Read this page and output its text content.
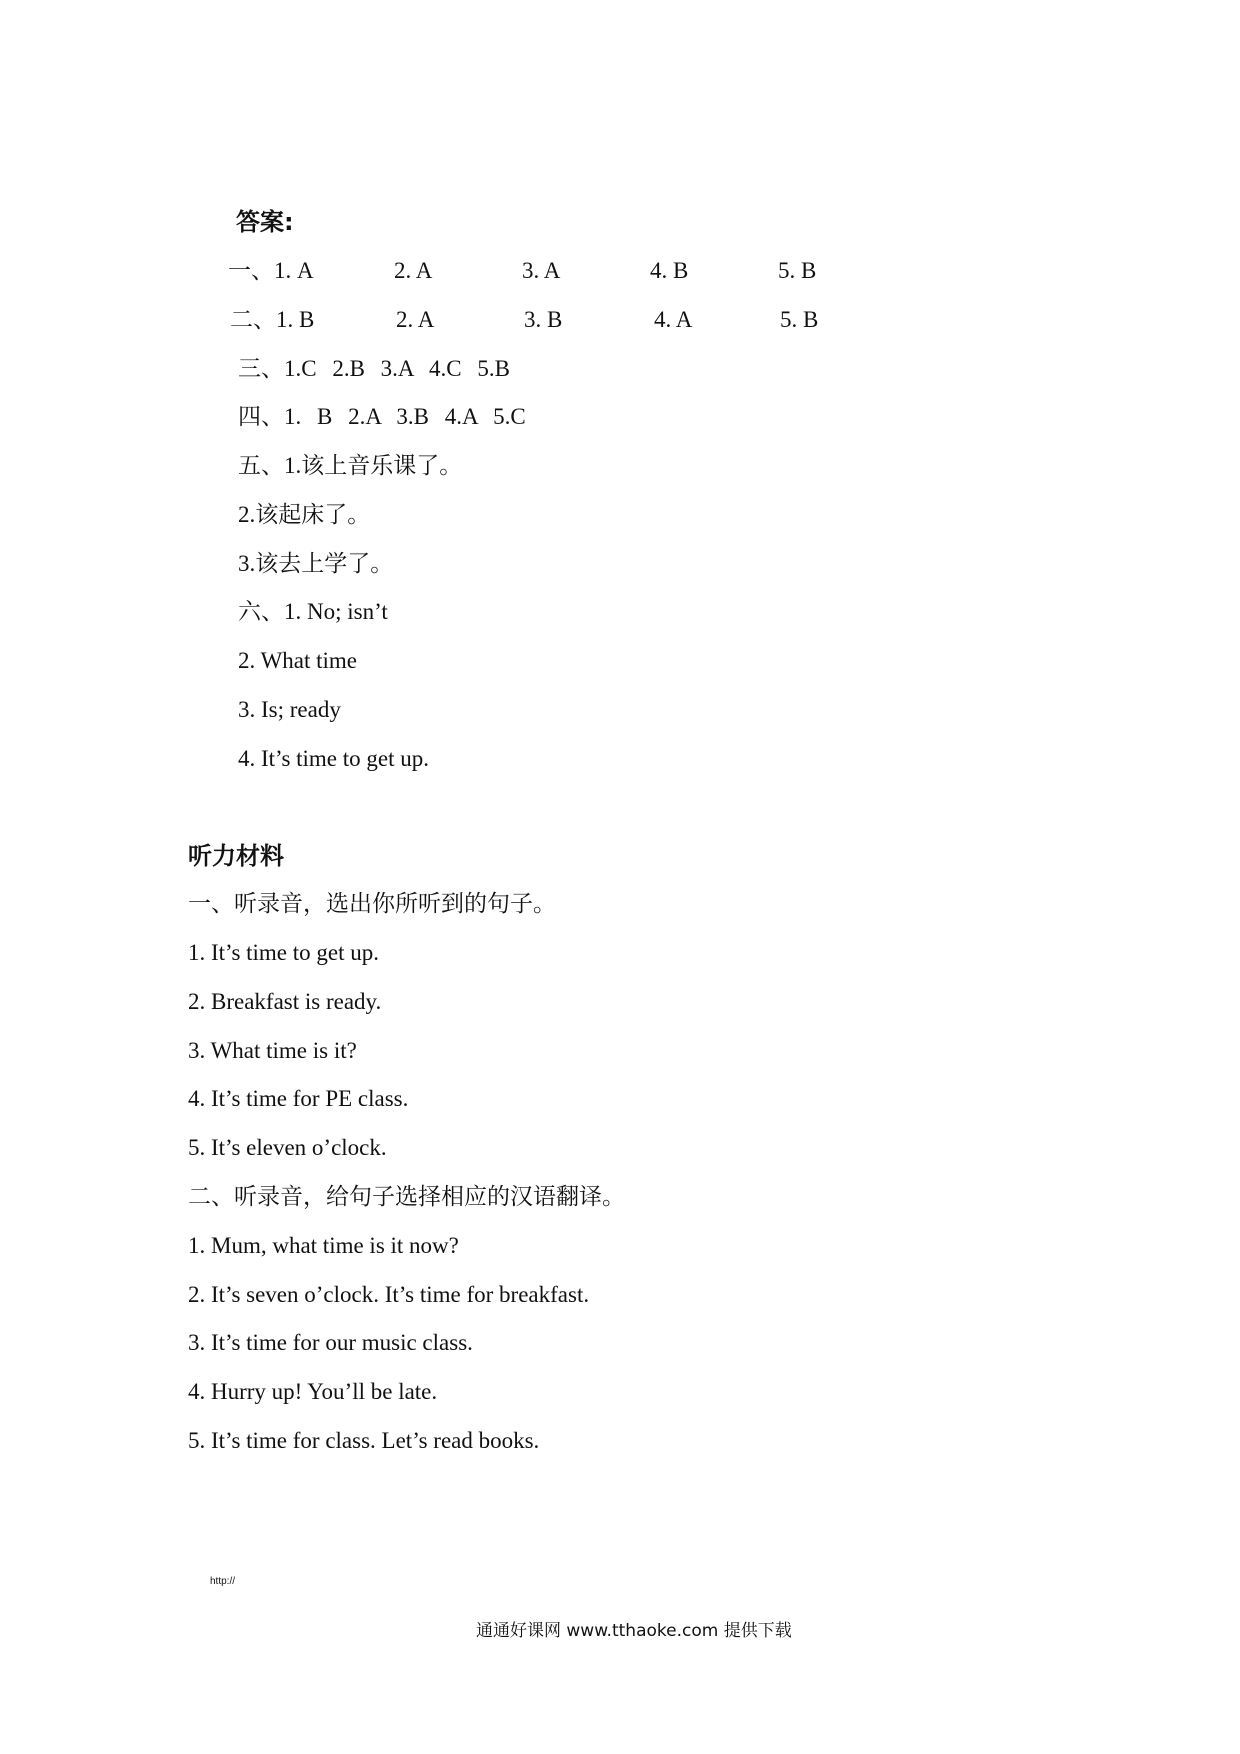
答案:
一、1. A	2. A	3. A	4. B	5. B
二、1. B	2. A	3. B	4. A	5. B
三、1.C 2.B 3.A 4.C 5.B
四、1. B 2.A 3.B 4.A 5.C
五、1.该上音乐课了。
2.该起床了。
3.该去上学了。
六、1. No; isn’t
2. What time
3. Is; ready
4. It’s time to get up.
听力材料
一、听录音，选出你所听到的句子。
1. It’s time to get up.
2. Breakfast is ready.
3. What time is it?
4. It’s time for PE class.
5. It’s eleven o’clock.
二、听录音，给句子选择相应的汉语翻译。
1. Mum, what time is it now?
2. It’s seven o’clock. It’s time for breakfast.
3. It’s time for our music class.
4. Hurry up! You’ll be late.
5. It’s time for class. Let’s read books.
http://
通通好课网 www.tthaoke.com 提供下载
